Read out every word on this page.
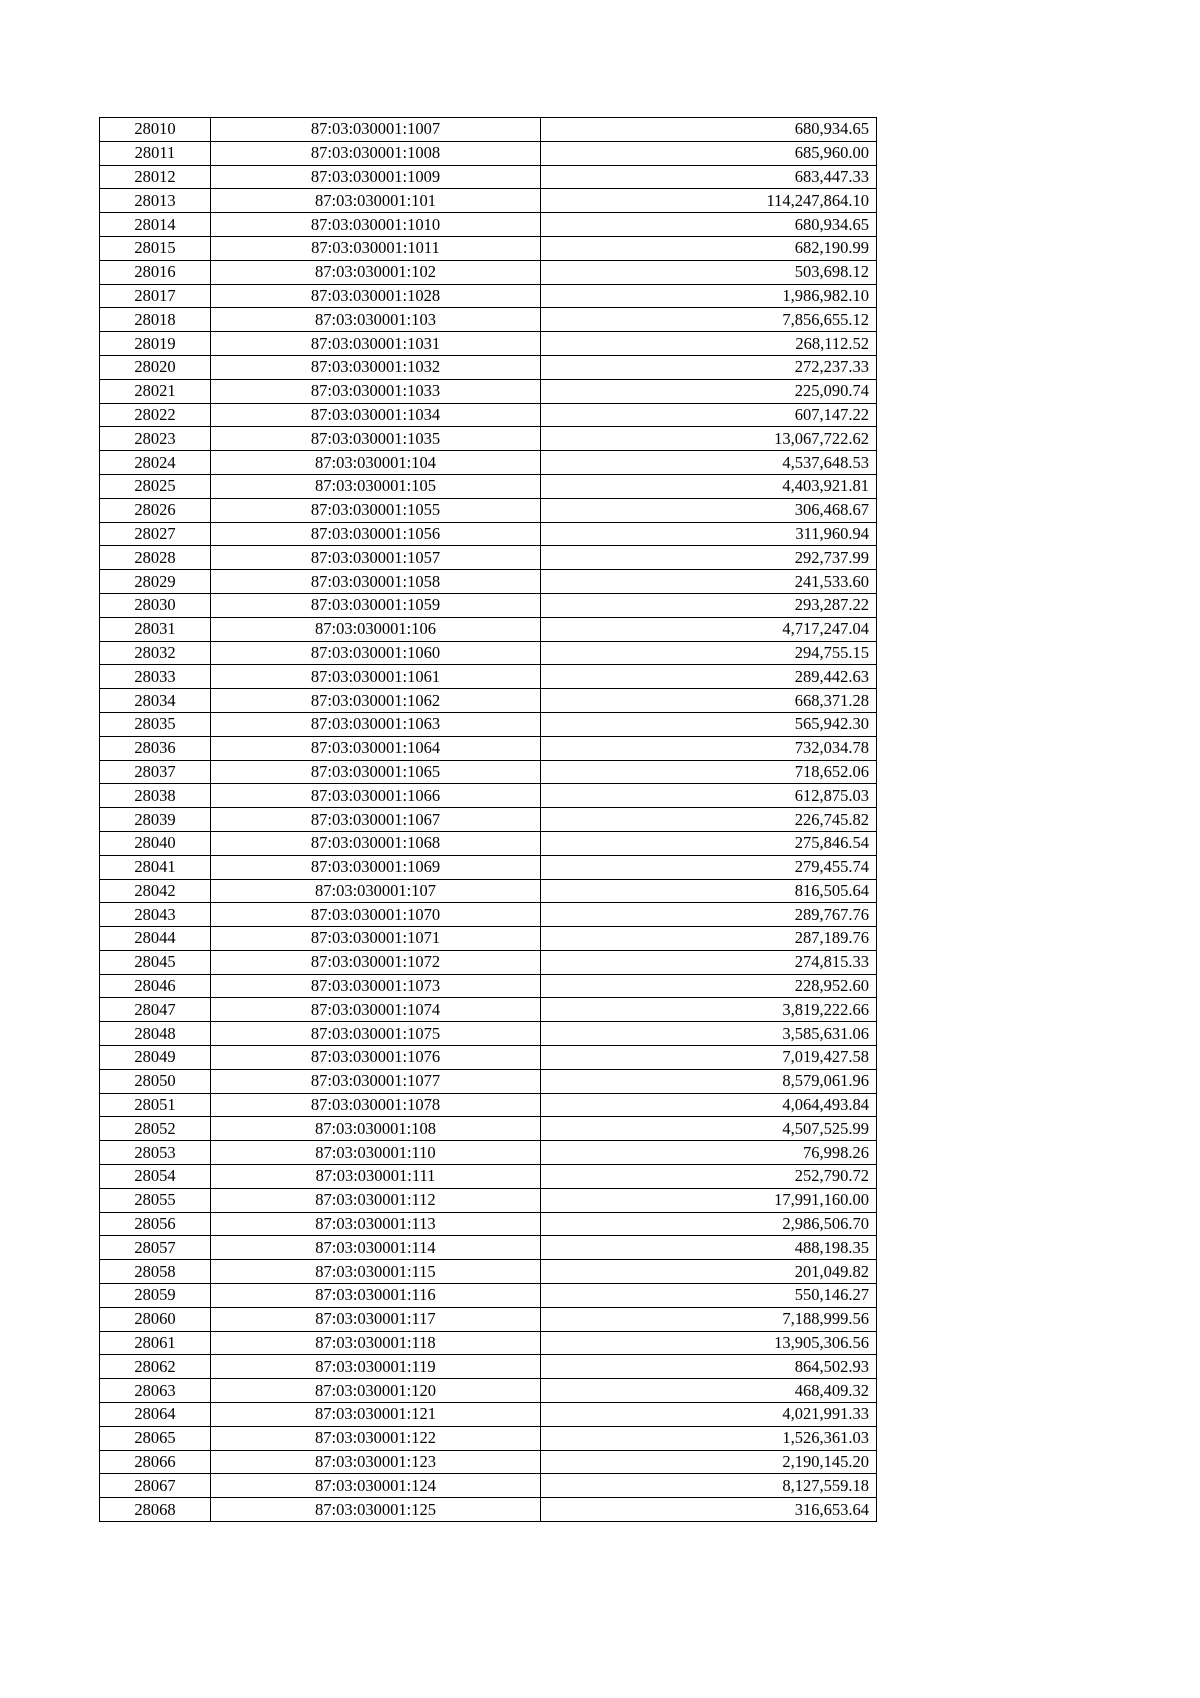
28010	87:03:030001:1007	680,934.65
28011	87:03:030001:1008	685,960.00
28012	87:03:030001:1009	683,447.33
28013	87:03:030001:101	114,247,864.10
28014	87:03:030001:1010	680,934.65
28015	87:03:030001:1011	682,190.99
28016	87:03:030001:102	503,698.12
28017	87:03:030001:1028	1,986,982.10
28018	87:03:030001:103	7,856,655.12
28019	87:03:030001:1031	268,112.52
28020	87:03:030001:1032	272,237.33
28021	87:03:030001:1033	225,090.74
28022	87:03:030001:1034	607,147.22
28023	87:03:030001:1035	13,067,722.62
28024	87:03:030001:104	4,537,648.53
28025	87:03:030001:105	4,403,921.81
28026	87:03:030001:1055	306,468.67
28027	87:03:030001:1056	311,960.94
28028	87:03:030001:1057	292,737.99
28029	87:03:030001:1058	241,533.60
28030	87:03:030001:1059	293,287.22
28031	87:03:030001:106	4,717,247.04
28032	87:03:030001:1060	294,755.15
28033	87:03:030001:1061	289,442.63
28034	87:03:030001:1062	668,371.28
28035	87:03:030001:1063	565,942.30
28036	87:03:030001:1064	732,034.78
28037	87:03:030001:1065	718,652.06
28038	87:03:030001:1066	612,875.03
28039	87:03:030001:1067	226,745.82
28040	87:03:030001:1068	275,846.54
28041	87:03:030001:1069	279,455.74
28042	87:03:030001:107	816,505.64
28043	87:03:030001:1070	289,767.76
28044	87:03:030001:1071	287,189.76
28045	87:03:030001:1072	274,815.33
28046	87:03:030001:1073	228,952.60
28047	87:03:030001:1074	3,819,222.66
28048	87:03:030001:1075	3,585,631.06
28049	87:03:030001:1076	7,019,427.58
28050	87:03:030001:1077	8,579,061.96
28051	87:03:030001:1078	4,064,493.84
28052	87:03:030001:108	4,507,525.99
28053	87:03:030001:110	76,998.26
28054	87:03:030001:111	252,790.72
28055	87:03:030001:112	17,991,160.00
28056	87:03:030001:113	2,986,506.70
28057	87:03:030001:114	488,198.35
28058	87:03:030001:115	201,049.82
28059	87:03:030001:116	550,146.27
28060	87:03:030001:117	7,188,999.56
28061	87:03:030001:118	13,905,306.56
28062	87:03:030001:119	864,502.93
28063	87:03:030001:120	468,409.32
28064	87:03:030001:121	4,021,991.33
28065	87:03:030001:122	1,526,361.03
28066	87:03:030001:123	2,190,145.20
28067	87:03:030001:124	8,127,559.18
28068	87:03:030001:125	316,653.64
